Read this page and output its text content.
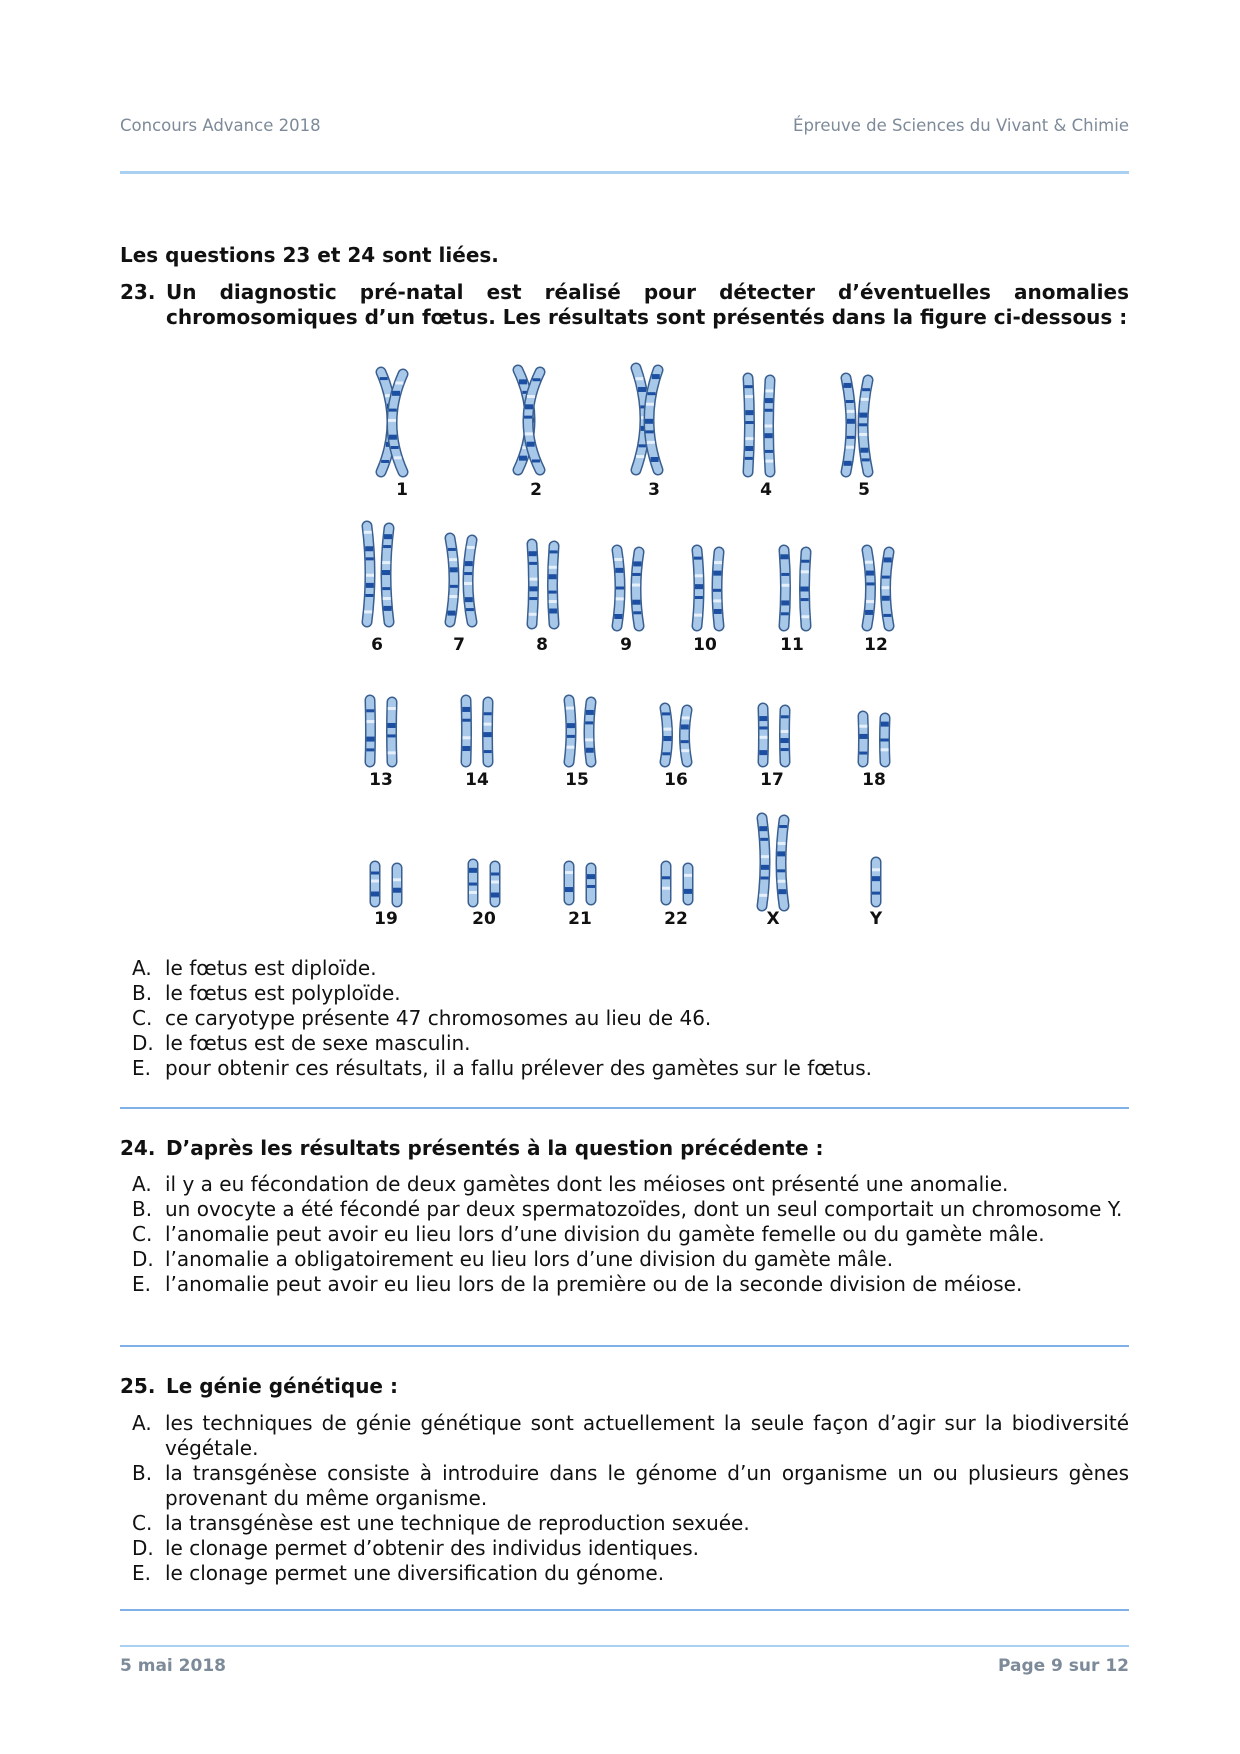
Concours Advance 2018	Épreuve de Sciences du Vivant & Chimie
Les questions 23 et 24 sont liées.
23. Un diagnostic pré-natal est réalisé pour détecter d’éventuelles anomalies chromosomiques d’un fœtus. Les résultats sont présentés dans la figure ci-dessous :
1	2	3	4	5
6	7	8	9	10	11	12
13	14	15	16	17	18
19	20	21	22	X	Y
A. le fœtus est diploïde.
B. le fœtus est polyploïde.
C. ce caryotype présente 47 chromosomes au lieu de 46.
D. le fœtus est de sexe masculin.
E. pour obtenir ces résultats, il a fallu prélever des gamètes sur le fœtus.
24. D’après les résultats présentés à la question précédente :
A. il y a eu fécondation de deux gamètes dont les méioses ont présenté une anomalie.
B. un ovocyte a été fécondé par deux spermatozoïdes, dont un seul comportait un chromosome Y.
C. l’anomalie peut avoir eu lieu lors d’une division du gamète femelle ou du gamète mâle.
D. l’anomalie a obligatoirement eu lieu lors d’une division du gamète mâle.
E. l’anomalie peut avoir eu lieu lors de la première ou de la seconde division de méiose.
25. Le génie génétique :
A. les techniques de génie génétique sont actuellement la seule façon d’agir sur la biodiversité végétale.
B. la transgénèse consiste à introduire dans le génome d’un organisme un ou plusieurs gènes provenant du même organisme.
C. la transgénèse est une technique de reproduction sexuée.
D. le clonage permet d’obtenir des individus identiques.
E. le clonage permet une diversification du génome.
5 mai 2018	Page 9 sur 12
